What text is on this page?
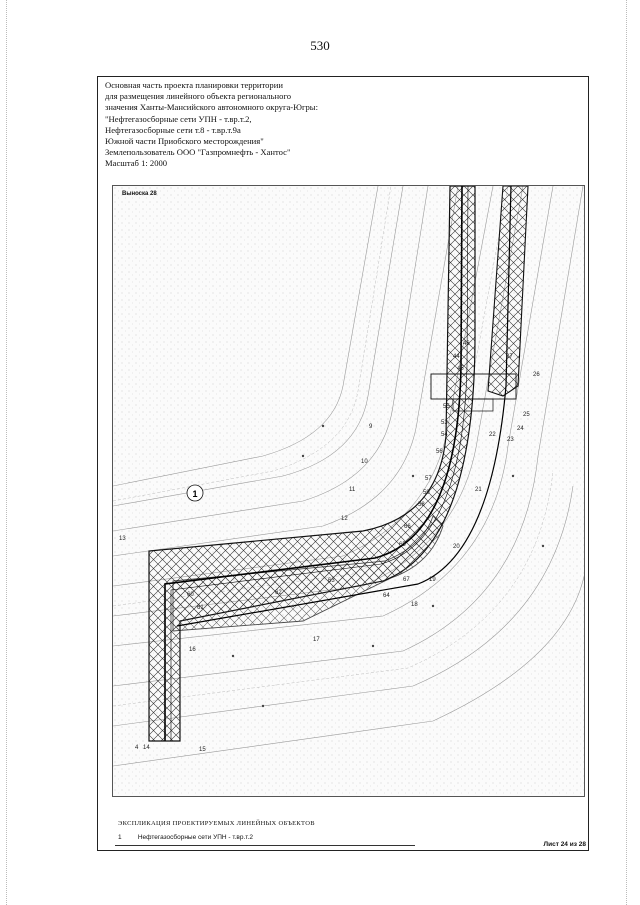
530
Основная часть проекта планировки территории
для размещения линейного объекта регионального
значения Ханты-Мансийского автономного округа-Югры:
"Нефтегазосборные сети УПН - т.вр.т.2,
Нефтегазосборные сети т.8 - т.вр.т.9а
Южной части Приобского месторождения"
Землепользователь ООО "Газпромнефть - Хантос"
Масштаб 1: 2000
1
4
9
10
11
12
13
14	15
16
17
18
19
20
21
22
23
24
25
26
27
44
45
46
53
54
55
56
57
58
59
60
61
62
63
64
65
66
67
Выноска 28
ЭКСПЛИКАЦИЯ ПРОЕКТИРУЕМЫХ ЛИНЕЙНЫХ ОБЪЕКТОВ
1 Нефтегазосборные сети УПН - т.вр.т.2
Лист 24 из 28
